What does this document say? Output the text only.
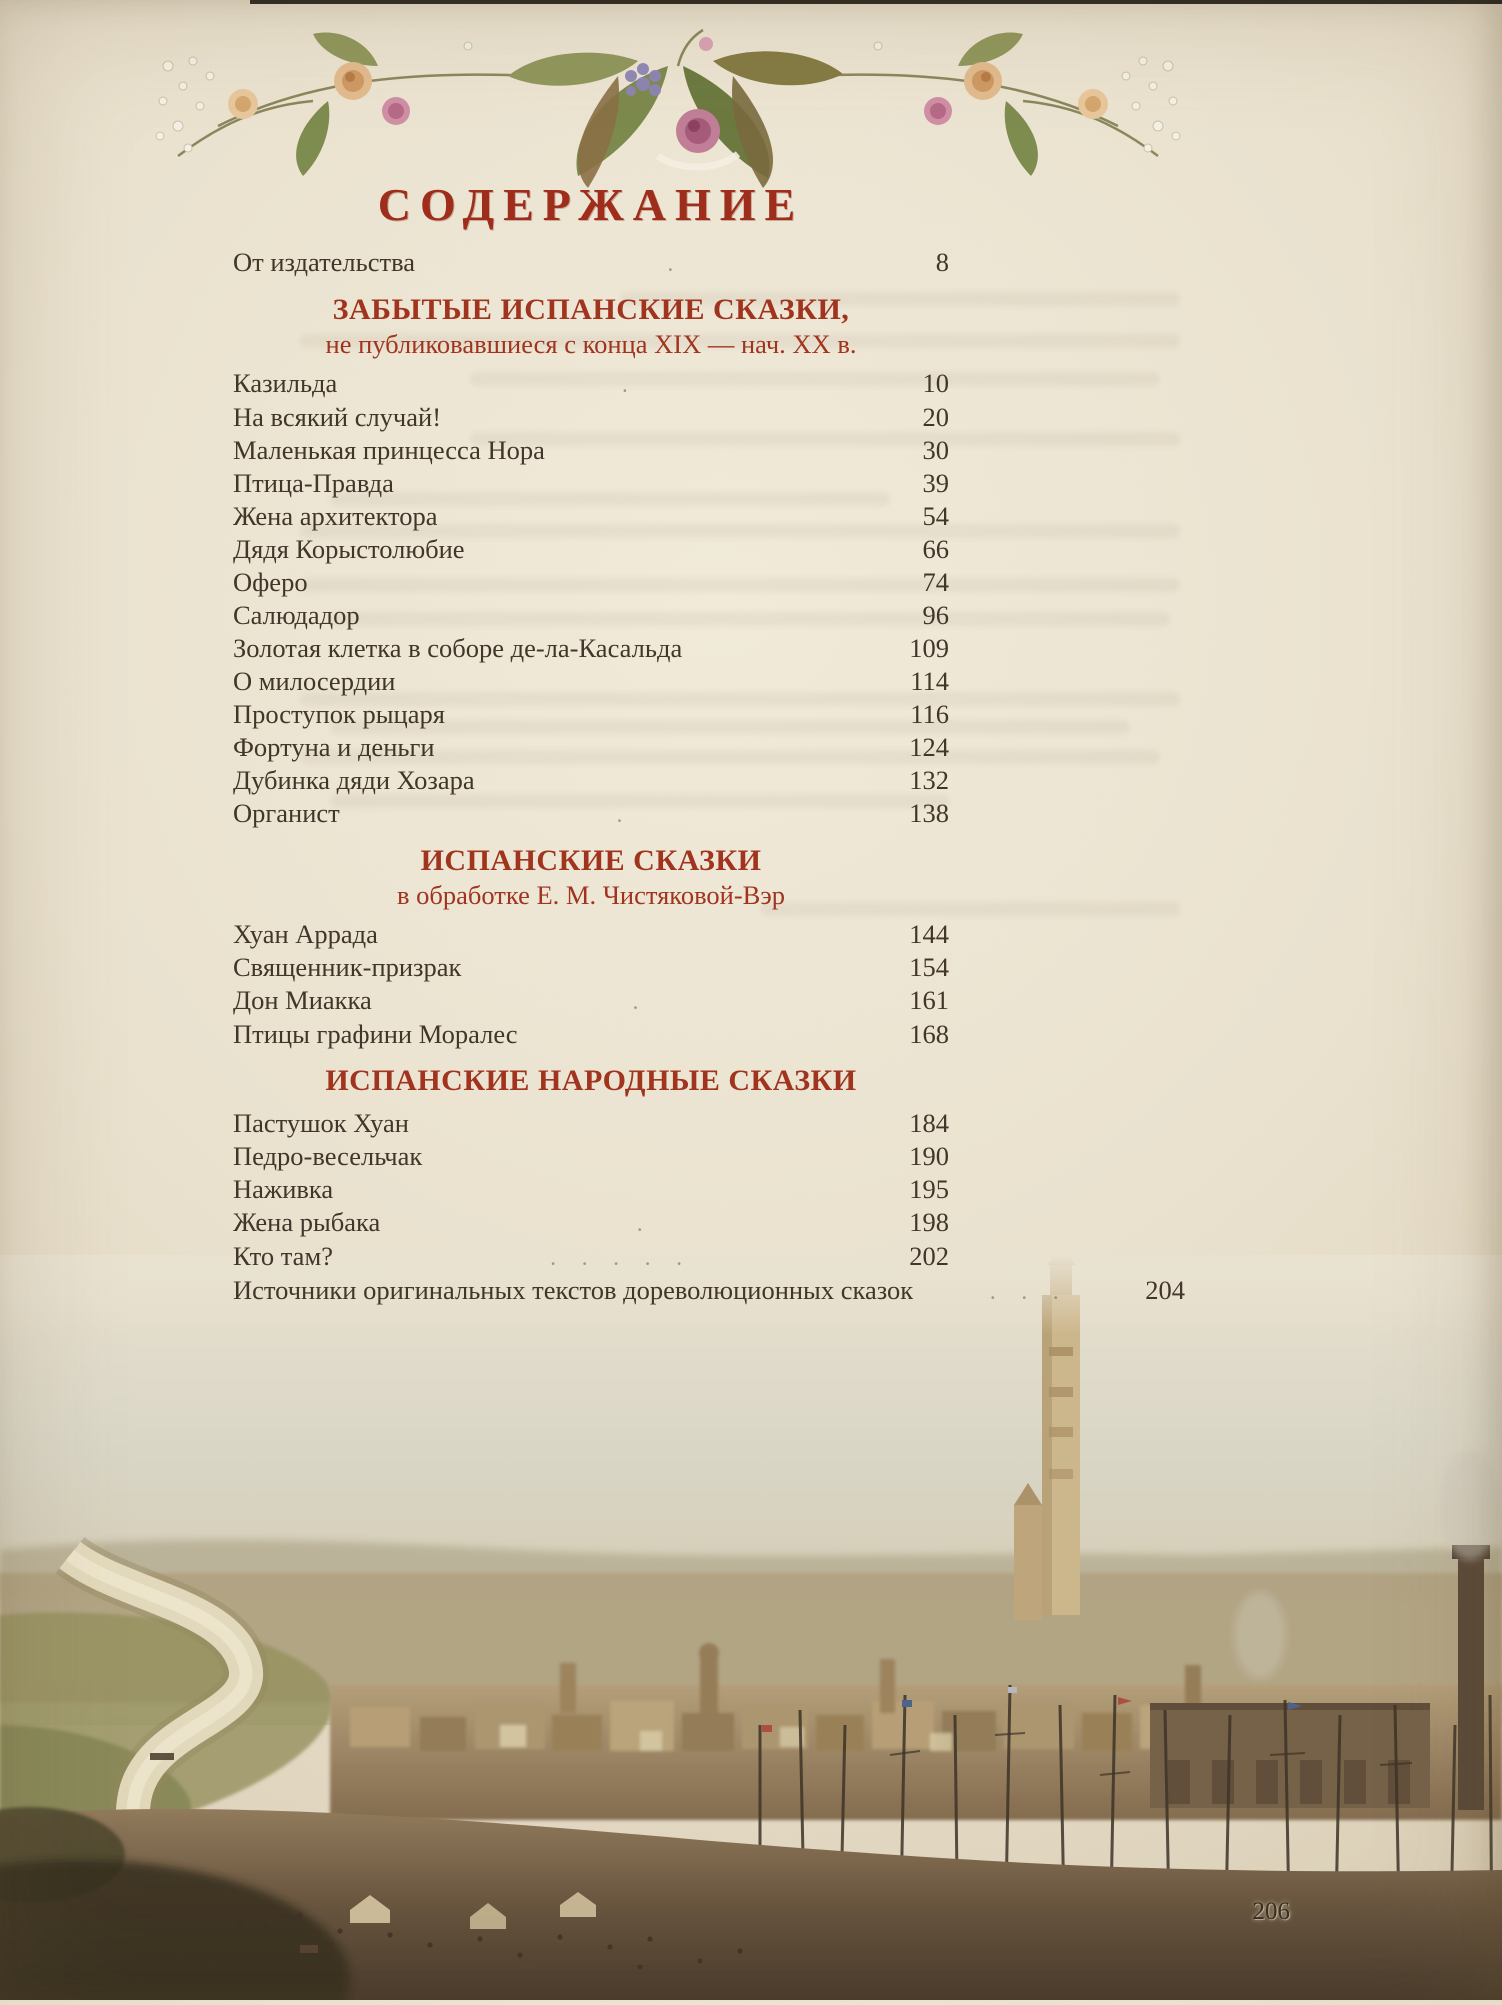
СОДЕРЖАНИЕ
От издательства	.	8
ЗАБЫТЫЕ ИСПАНСКИЕ СКАЗКИ,
не публиковавшиеся с конца XIX — нач. XX в.
Казильда	.	10
На всякий случай!	20
Маленькая принцесса Нора	30
Птица-Правда	39
Жена архитектора	54
Дядя Корыстолюбие	66
Оферо	74
Салюдадор	96
Золотая клетка в соборе де-ла-Касальда	109
О милосердии	114
Проступок рыцаря	116
Фортуна и деньги	124
Дубинка дяди Хозара	132
Органист	.	138
ИСПАНСКИЕ СКАЗКИ
в обработке Е. М. Чистяковой-Вэр
Хуан Аррада	144
Священник-призрак	154
Дон Миакка	.	161
Птицы графини Моралес	168
ИСПАНСКИЕ НАРОДНЫЕ СКАЗКИ
Пастушок Хуан	184
Педро-весельчак	190
Наживка	195
Жена рыбака	.	198
Кто там?	. . . . .	202
Источники оригинальных текстов дореволюционных сказок	. . .	204
206
